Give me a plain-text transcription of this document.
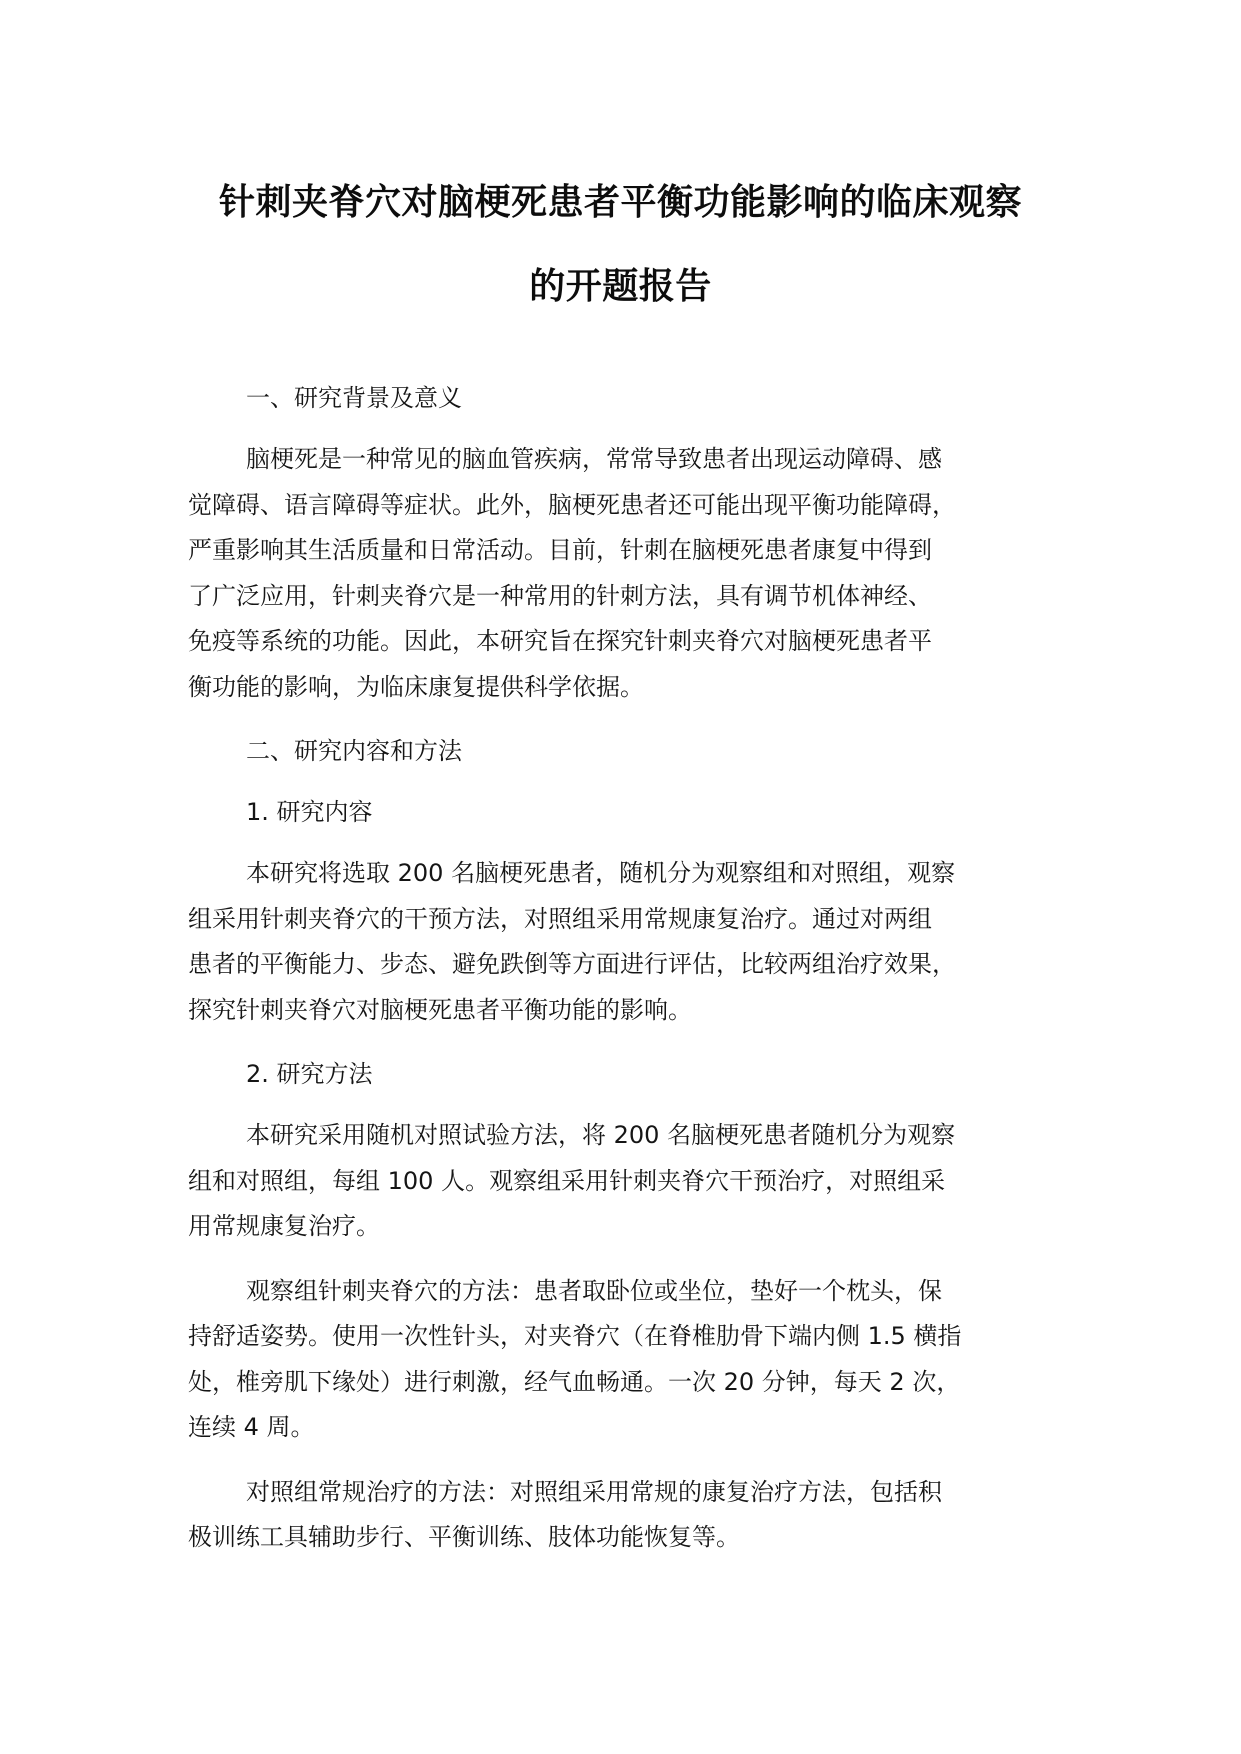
针刺夹脊穴对脑梗死患者平衡功能影响的临床观察
的开题报告

一、研究背景及意义

脑梗死是一种常见的脑血管疾病，常常导致患者出现运动障碍、感
觉障碍、语言障碍等症状。此外，脑梗死患者还可能出现平衡功能障碍，
严重影响其生活质量和日常活动。目前，针刺在脑梗死患者康复中得到
了广泛应用，针刺夹脊穴是一种常用的针刺方法，具有调节机体神经、
免疫等系统的功能。因此，本研究旨在探究针刺夹脊穴对脑梗死患者平
衡功能的影响，为临床康复提供科学依据。

二、研究内容和方法

1. 研究内容

本研究将选取 200 名脑梗死患者，随机分为观察组和对照组，观察
组采用针刺夹脊穴的干预方法，对照组采用常规康复治疗。通过对两组
患者的平衡能力、步态、避免跌倒等方面进行评估，比较两组治疗效果，
探究针刺夹脊穴对脑梗死患者平衡功能的影响。

2. 研究方法

本研究采用随机对照试验方法，将 200 名脑梗死患者随机分为观察
组和对照组，每组 100 人。观察组采用针刺夹脊穴干预治疗，对照组采
用常规康复治疗。

观察组针刺夹脊穴的方法：患者取卧位或坐位，垫好一个枕头，保
持舒适姿势。使用一次性针头，对夹脊穴（在脊椎肋骨下端内侧 1.5 横指
处，椎旁肌下缘处）进行刺激，经气血畅通。一次 20 分钟，每天 2 次，
连续 4 周。

对照组常规治疗的方法：对照组采用常规的康复治疗方法，包括积
极训练工具辅助步行、平衡训练、肢体功能恢复等。
